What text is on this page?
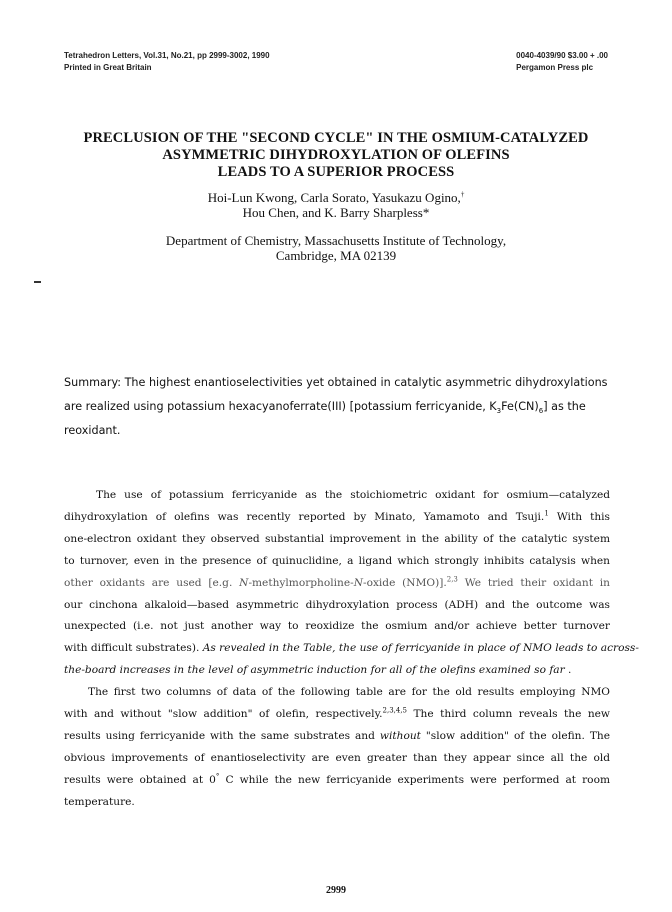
Tetrahedron Letters, Vol.31, No.21, pp 2999-3002, 1990
Printed in Great Britain
0040-4039/90 $3.00 + .00
Pergamon Press plc
PRECLUSION OF THE "SECOND CYCLE" IN THE OSMIUM-CATALYZED
ASYMMETRIC DIHYDROXYLATION OF OLEFINS
LEADS TO A SUPERIOR PROCESS
Hoi-Lun Kwong, Carla Sorato, Yasukazu Ogino,†
Hou Chen, and K. Barry Sharpless*
Department of Chemistry, Massachusetts Institute of Technology,
Cambridge, MA 02139
Summary: The highest enantioselectivities yet obtained in catalytic asymmetric dihydroxylations
are realized using potassium hexacyanoferrate(III) [potassium ferricyanide, $K_3Fe(CN)_6$] as the
reoxidant.
The use of potassium ferricyanide as the stoichiometric oxidant for osmium—catalyzed
dihydroxylation of olefins was recently reported by Minato, Yamamoto and Tsuji.$^1$ With this
one-electron oxidant they observed substantial improvement in the ability of the catalytic system
to turnover, even in the presence of quinuclidine, a ligand which strongly inhibits catalysis when
other oxidants are used [e.g. N-methylmorpholine-N-oxide (NMO)].$^{2,3}$ We tried their oxidant in
our cinchona alkaloid—based asymmetric dihydroxylation process (ADH) and the outcome was
unexpected (i.e. not just another way to reoxidize the osmium and/or achieve better turnover
with difficult substrates). As revealed in the Table, the use of ferricyanide in place of NMO leads to across-
the-board increases in the level of asymmetric induction for all of the olefins examined so far .
The first two columns of data of the following table are for the old results employing NMO
with and without "slow addition" of olefin, respectively.$^{2,3,4,5}$ The third column reveals the new
results using ferricyanide with the same substrates and without "slow addition" of the olefin. The
obvious improvements of enantioselectivity are even greater than they appear since all the old
results were obtained at 0° C while the new ferricyanide experiments were performed at room
temperature.
2999
